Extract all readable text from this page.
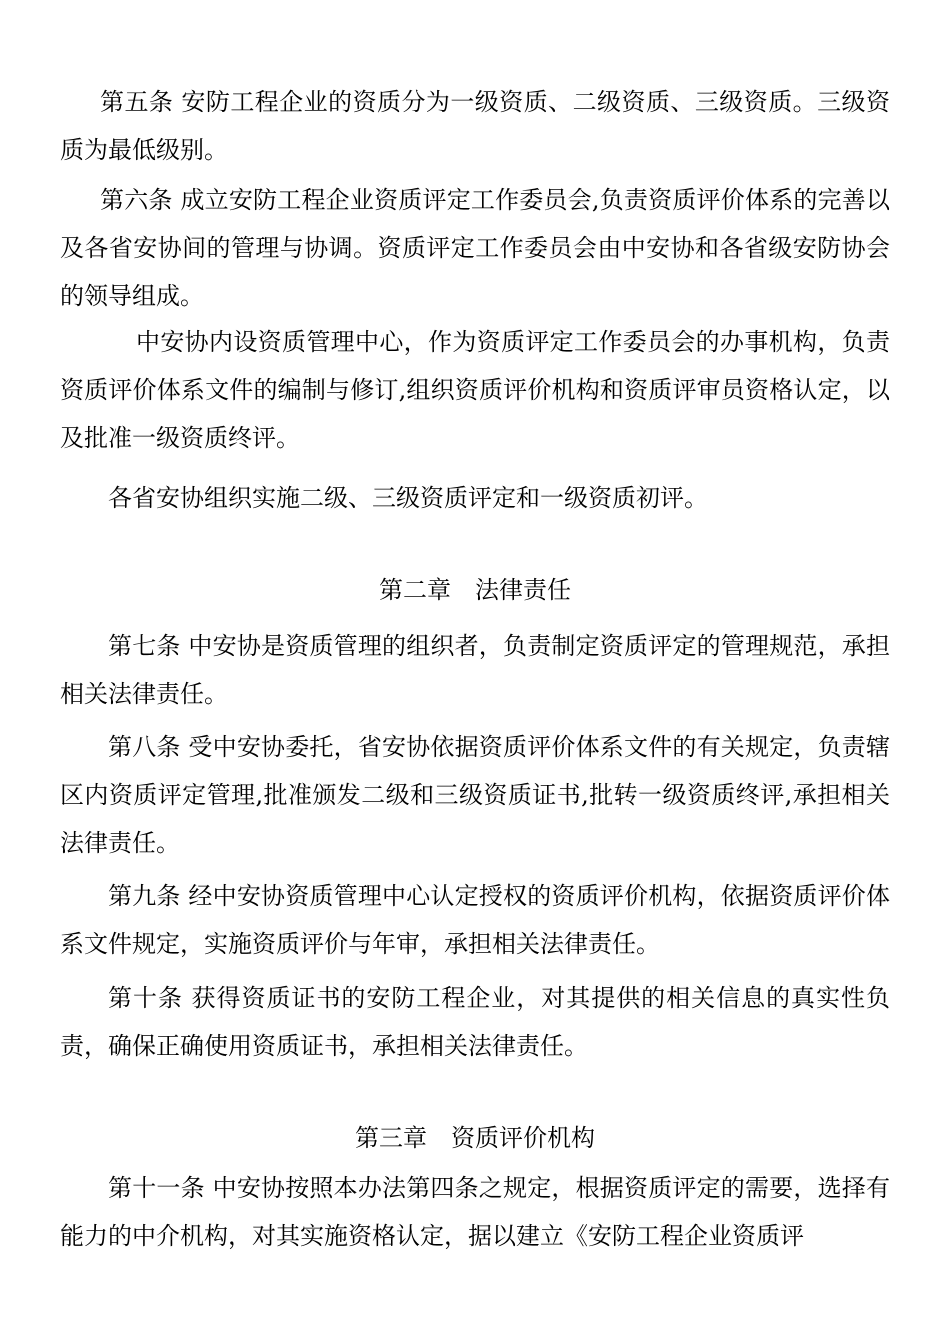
第五条 安防工程企业的资质分为一级资质、二级资质、三级资质。三级资质为最低级别。

第六条 成立安防工程企业资质评定工作委员会,负责资质评价体系的完善以及各省安协间的管理与协调。资质评定工作委员会由中安协和各省级安防协会的领导组成。

中安协内设资质管理中心，作为资质评定工作委员会的办事机构，负责资质评价体系文件的编制与修订,组织资质评价机构和资质评审员资格认定，以及批准一级资质终评。

各省安协组织实施二级、三级资质评定和一级资质初评。

第二章　法律责任

第七条 中安协是资质管理的组织者，负责制定资质评定的管理规范，承担相关法律责任。

第八条 受中安协委托，省安协依据资质评价体系文件的有关规定，负责辖区内资质评定管理,批准颁发二级和三级资质证书,批转一级资质终评,承担相关法律责任。

第九条 经中安协资质管理中心认定授权的资质评价机构，依据资质评价体系文件规定，实施资质评价与年审，承担相关法律责任。

第十条 获得资质证书的安防工程企业，对其提供的相关信息的真实性负责，确保正确使用资质证书，承担相关法律责任。

第三章　资质评价机构

第十一条 中安协按照本办法第四条之规定，根据资质评定的需要，选择有能力的中介机构，对其实施资格认定，据以建立《安防工程企业资质评
